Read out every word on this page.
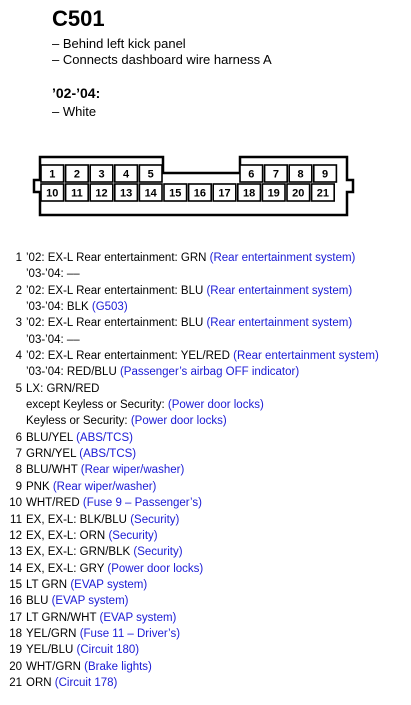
C501
– Behind left kick panel
– Connects dashboard wire harness A
’02-’04:
– White
1 2 3 4 5	6 7 8 9
10 11 12 13 14 15 16 17 18 19 20 21
1 ’02: EX-L Rear entertainment: GRN (Rear entertainment system)
’03-’04: ––
2 ’02: EX-L Rear entertainment: BLU (Rear entertainment system)
’03-’04: BLK (G503)
3 ’02: EX-L Rear entertainment: BLU (Rear entertainment system)
’03-’04: ––
4 ’02: EX-L Rear entertainment: YEL/RED (Rear entertainment system)
’03-’04: RED/BLU (Passenger’s airbag OFF indicator)
5 LX: GRN/RED
except Keyless or Security: (Power door locks)
Keyless or Security: (Power door locks)
6 BLU/YEL (ABS/TCS)
7 GRN/YEL (ABS/TCS)
8 BLU/WHT (Rear wiper/washer)
9 PNK (Rear wiper/washer)
10 WHT/RED (Fuse 9 – Passenger’s)
11 EX, EX-L: BLK/BLU (Security)
12 EX, EX-L: ORN (Security)
13 EX, EX-L: GRN/BLK (Security)
14 EX, EX-L: GRY (Power door locks)
15 LT GRN (EVAP system)
16 BLU (EVAP system)
17 LT GRN/WHT (EVAP system)
18 YEL/GRN (Fuse 11 – Driver’s)
19 YEL/BLU (Circuit 180)
20 WHT/GRN (Brake lights)
21 ORN (Circuit 178)
